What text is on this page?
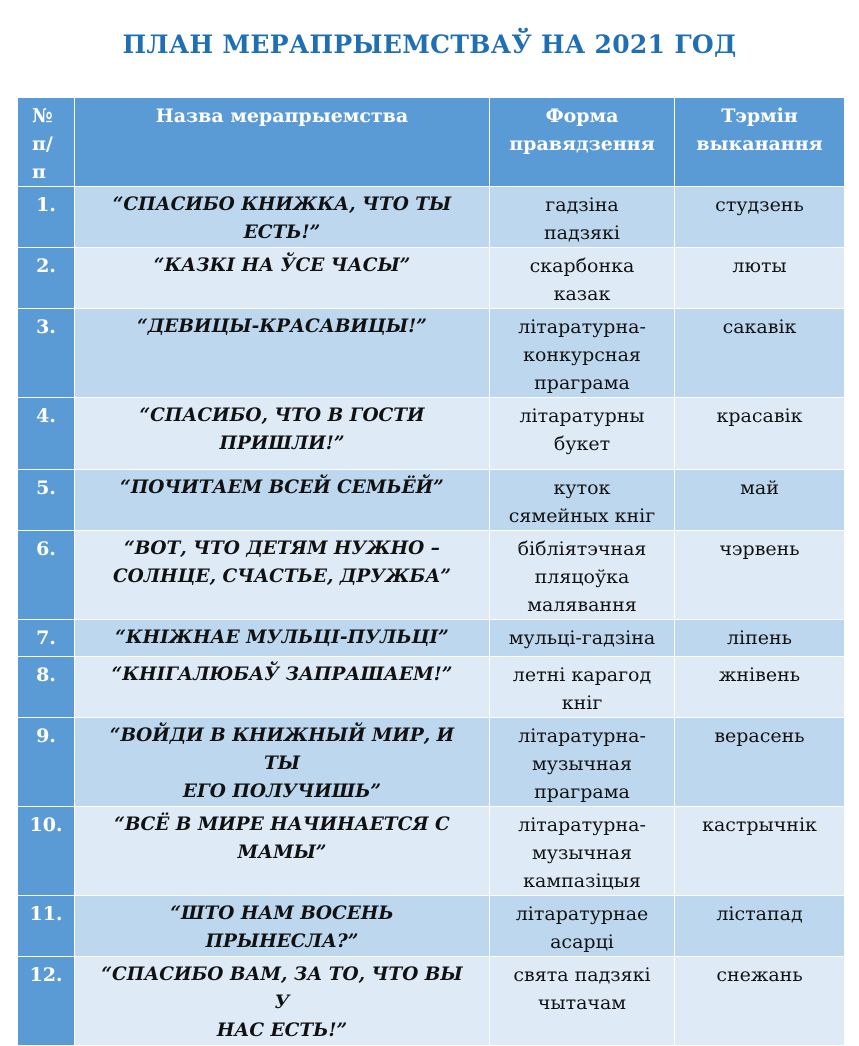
ПЛАН МЕРАПРЫЕМСТВАЎ НА 2021 ГОД
№
п/
п	Назва мерапрыемства	Форма
правядзення	Тэрмін
выканання

1.	“СПАСИБО КНИЖКА, ЧТО ТЫ
ЕСТЬ!”	гадзіна
падзякі	студзень

2.	“КАЗКІ НА ЎСЕ ЧАСЫ”	скарбонка
казак	люты

3.	“ДЕВИЦЫ-КРАСАВИЦЫ!”	літаратурна-
конкурсная
праграма	сакавік

4.	“СПАСИБО, ЧТО В ГОСТИ
ПРИШЛИ!”	літаратурны
букет	красавік

5.	“ПОЧИТАЕМ ВСЕЙ СЕМЬЁЙ”	куток
сямейных кніг	май

6.	“ВОТ, ЧТО ДЕТЯМ НУЖНО –
СОЛНЦЕ, СЧАСТЬЕ, ДРУЖБА”	бібліятэчная
пляцоўка
малявання	чэрвень

7.	“КНІЖНАЕ МУЛЬЦІ-ПУЛЬЦІ”	мульці-гадзіна	ліпень

8.	“КНІГАЛЮБАЎ ЗАПРАШАЕМ!”	летні карагод
кніг	жнівень

9.	“ВОЙДИ В КНИЖНЫЙ МИР, И ТЫ
ЕГО ПОЛУЧИШЬ”	літаратурна-
музычная
праграма	верасень

10.	“ВСЁ В МИРЕ НАЧИНАЕТСЯ С
МАМЫ”	літаратурна-
музычная
кампазіцыя	кастрычнік

11.	“ШТО НАМ ВОСЕНЬ ПРЫНЕСЛА?”	літаратурнае
асарці	лістапад

12.	“СПАСИБО ВАМ, ЗА ТО, ЧТО ВЫ У
НАС ЕСТЬ!”	свята падзякі
чытачам	снежань
